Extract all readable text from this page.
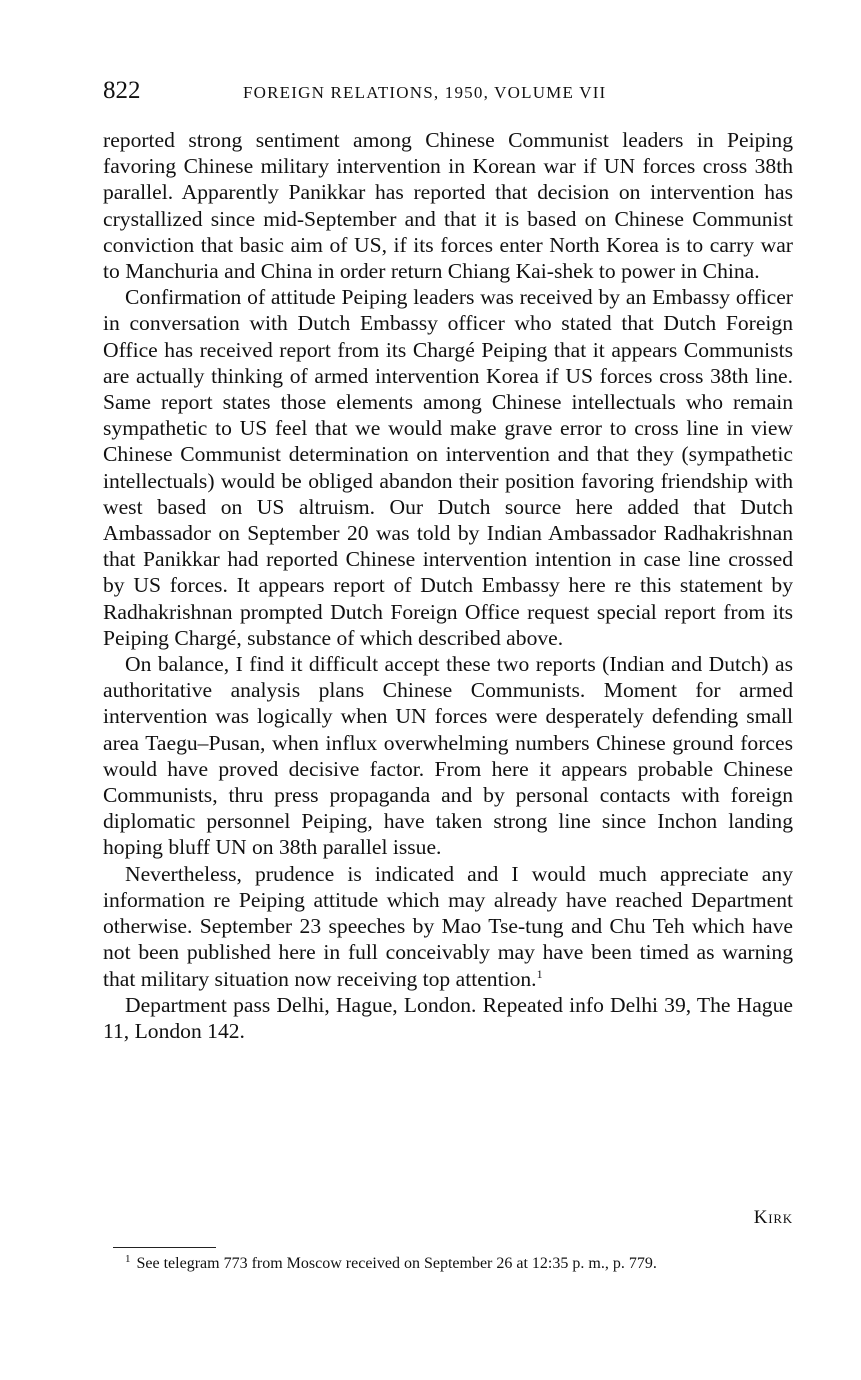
822	FOREIGN RELATIONS, 1950, VOLUME VII

reported strong sentiment among Chinese Communist leaders in Peiping favoring Chinese military intervention in Korean war if UN forces cross 38th parallel. Apparently Panikkar has reported that decision on intervention has crystallized since mid-September and that it is based on Chinese Communist conviction that basic aim of US, if its forces enter North Korea is to carry war to Manchuria and China in order return Chiang Kai-shek to power in China.

Confirmation of attitude Peiping leaders was received by an Embassy officer in conversation with Dutch Embassy officer who stated that Dutch Foreign Office has received report from its Chargé Peiping that it appears Communists are actually thinking of armed intervention Korea if US forces cross 38th line. Same report states those elements among Chinese intellectuals who remain sympathetic to US feel that we would make grave error to cross line in view Chinese Communist determination on intervention and that they (sympathetic intellectuals) would be obliged abandon their position favoring friendship with west based on US altruism. Our Dutch source here added that Dutch Ambassador on September 20 was told by Indian Ambassador Radhakrishnan that Panikkar had reported Chinese intervention intention in case line crossed by US forces. It appears report of Dutch Embassy here re this statement by Radhakrishnan prompted Dutch Foreign Office request special report from its Peiping Chargé, substance of which described above.

On balance, I find it difficult accept these two reports (Indian and Dutch) as authoritative analysis plans Chinese Communists. Moment for armed intervention was logically when UN forces were desperately defending small area Taegu–Pusan, when influx overwhelming numbers Chinese ground forces would have proved decisive factor. From here it appears probable Chinese Communists, thru press propaganda and by personal contacts with foreign diplomatic personnel Peiping, have taken strong line since Inchon landing hoping bluff UN on 38th parallel issue.

Nevertheless, prudence is indicated and I would much appreciate any information re Peiping attitude which may already have reached Department otherwise. September 23 speeches by Mao Tse-tung and Chu Teh which have not been published here in full conceivably may have been timed as warning that military situation now receiving top attention.$^1$

Department pass Delhi, Hague, London. Repeated info Delhi 39, The Hague 11, London 142.

Kirk
$^1$ See telegram 773 from Moscow received on September 26 at 12:35 p. m., p. 779.
